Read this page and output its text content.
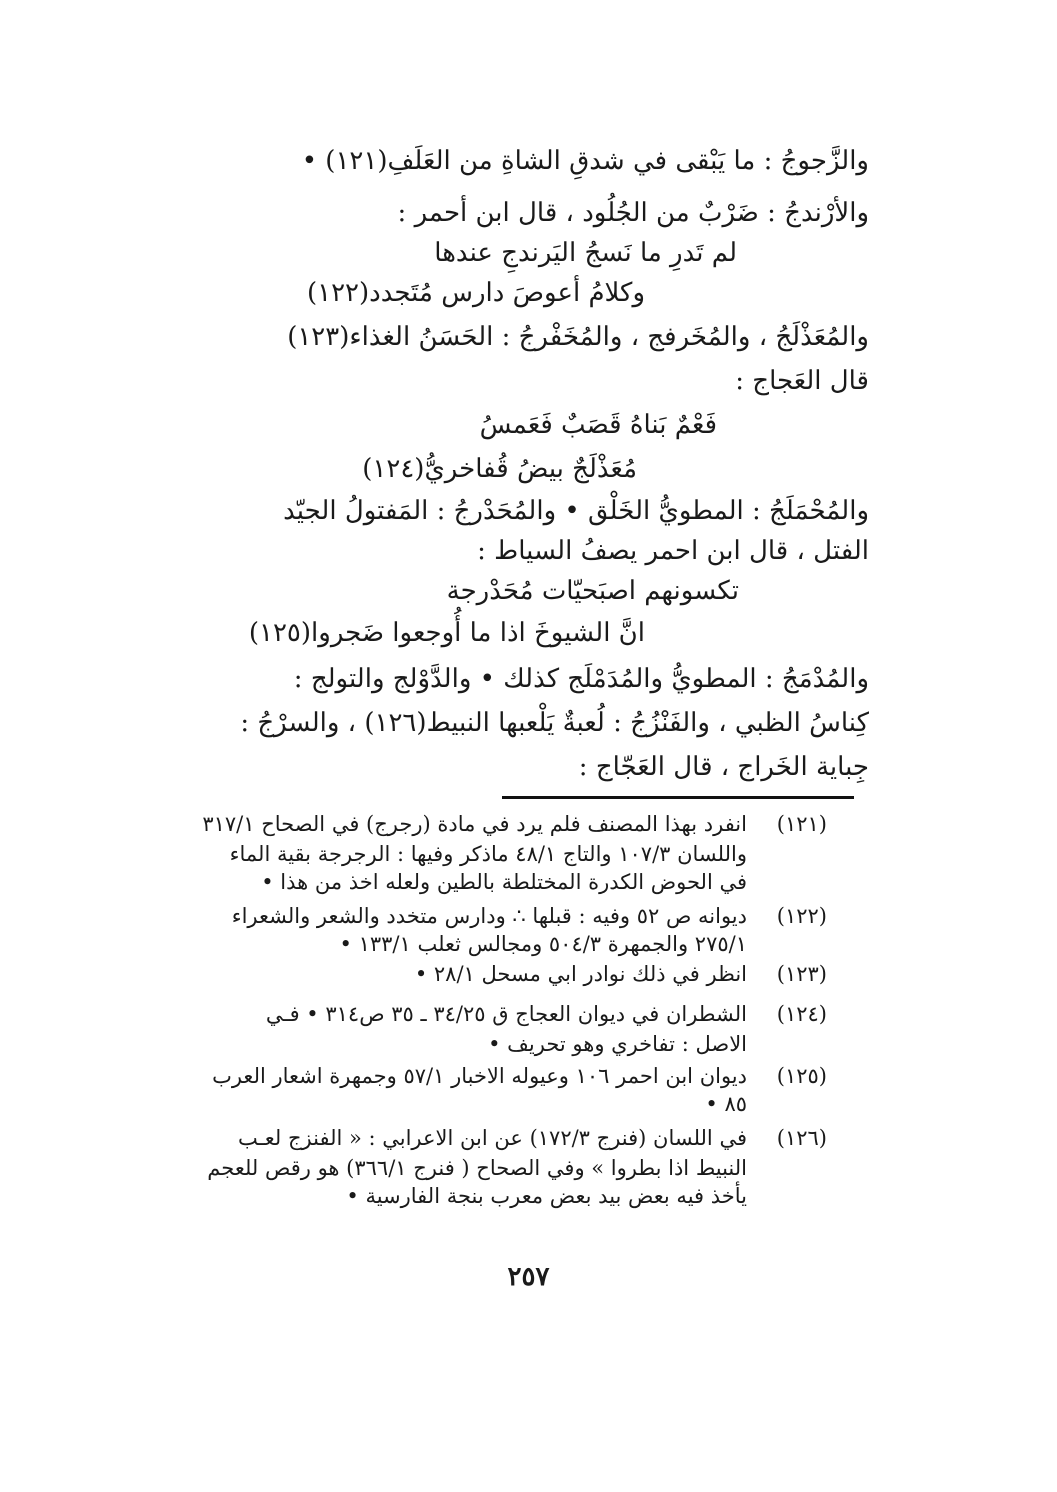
والزَّجوجُ : ما يَبْقى في شدقِ الشاةِ من العَلَفِ(١٢١) •
والأرْندجُ : ضَرْبٌ من الجُلُود ، قال ابن أحمر :
لم تَدرِ ما نَسجُ اليَرندجِ عندها
وكلامُ أعوصَ دارس مُتَجدد(١٢٢)
والمُعَذْلَجُ ، والمُخَرفج ، والمُخَفْرجُ : الحَسَنُ الغذاء(١٢٣)
قال العَجاج :
فَعْمٌ بَناهُ قَصَبٌ فَعَمسُ
مُعَذْلَجٌ بيضُ قُفاخريُّ(١٢٤)
والمُحْمَلَجُ : المطويُّ الخَلْق • والمُحَدْرجُ : المَفتولُ الجيّد
الفتل ، قال ابن احمر يصفُ السياط :
تكسونهم اصبَحيّات مُحَدْرجة
انَّ الشيوخَ اذا ما أُوجعوا ضَجروا(١٢٥)
والمُدْمَجُ : المطويُّ والمُدَمْلَج كذلك • والدَّوْلج والتولج :
كِناسُ الظبي ، والفَنْزُجُ : لُعبةٌ يَلْعبها النبيط(١٢٦) ، والسرْجُ :
جِباية الخَراج ، قال العَجّاج :
(١٢١)
انفرد بهذا المصنف فلم يرد في مادة (رجرج) في الصحاح ٣١٧/١
واللسان ١٠٧/٣ والتاج ٤٨/١ ماذكر وفيها : الرجرجة بقية الماء
في الحوض الكدرة المختلطة بالطين ولعله اخذ من هذا •
(١٢٢)
ديوانه ص ٥٢ وفيه : قبلها ∴ ودارس متخدد والشعر والشعراء
٢٧٥/١ والجمهرة ٥٠٤/٣ ومجالس ثعلب ١٣٣/١ •
(١٢٣)
انظر في ذلك نوادر ابي مسحل ٢٨/١ •
(١٢٤)
الشطران في ديوان العجاج ق ٣٤/٢٥ ـ ٣٥ ص٣١٤ • فـي
الاصل : تفاخري وهو تحريف •
(١٢٥)
ديوان ابن احمر ١٠٦ وعيوله الاخبار ٥٧/١ وجمهرة اشعار العرب
٨٥ •
(١٢٦)
في اللسان (فنرج ١٧٢/٣) عن ابن الاعرابي : « الفنزج لعـب
النبيط اذا بطروا » وفي الصحاح ( فنرج ٣٦٦/١) هو رقص للعجم
يأخذ فيه بعض بيد بعض معرب بنجة الفارسية •
٢٥٧
